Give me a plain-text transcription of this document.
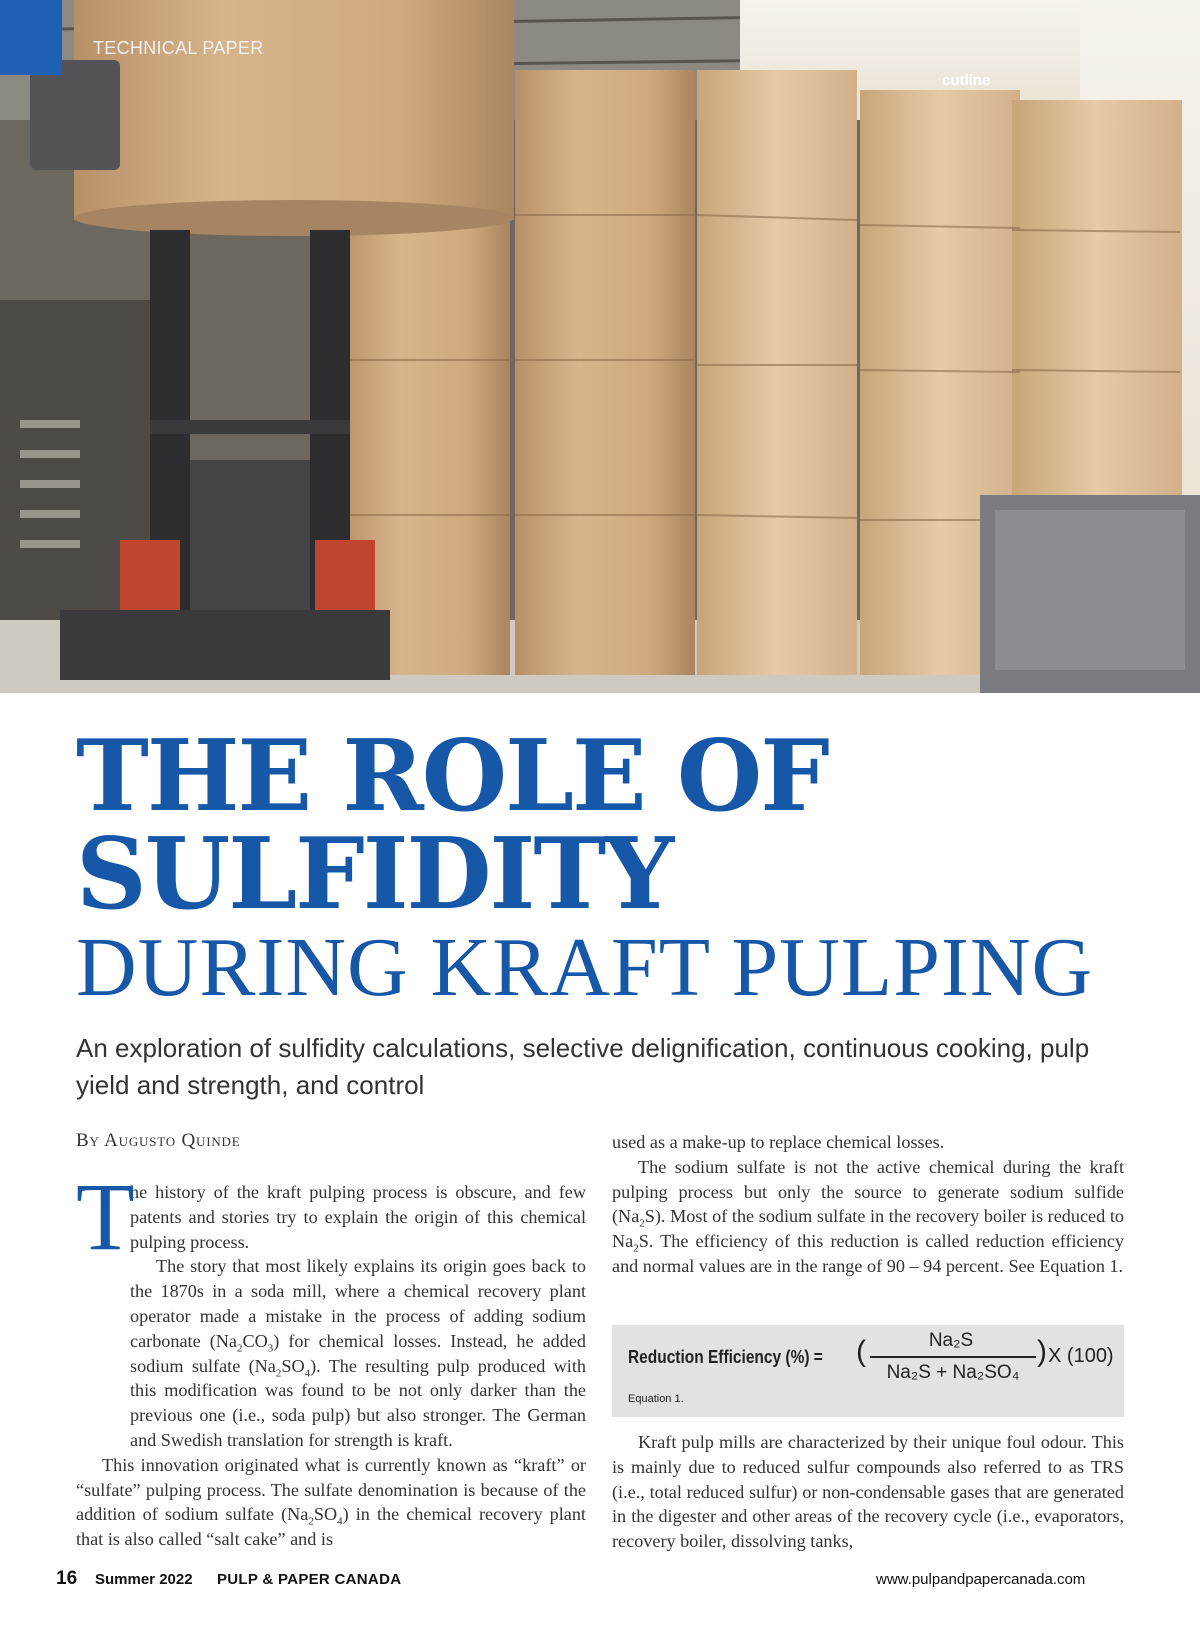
TECHNICAL PAPER
cutline
THE ROLE OF
SULFIDITY
DURING KRAFT PULPING
An exploration of sulfidity calculations, selective delignification, continuous cooking, pulp yield and strength, and control
By Augusto Quinde
T

he history of the kraft pulping process is obscure, and few patents and stories try to explain the origin of this chemical pulping process.

The story that most likely explains its origin goes back to the 1870s in a soda mill, where a chemical recovery plant operator made a mistake in the process of adding sodium carbonate $(Na_2CO_3)$ for chemical losses. Instead, he added sodium sulfate $(Na_2SO_4)$. The resulting pulp produced with this modification was found to be not only darker than the previous one (i.e., soda pulp) but also stronger. The German and Swedish translation for strength is kraft.

This innovation originated what is currently known as “kraft” or “sulfate” pulping process. The sulfate denomination is because of the addition of sodium sulfate $(Na_2SO_4)$ in the chemical recovery plant that is also called “salt cake” and is

used as a make-up to replace chemical losses.

The sodium sulfate is not the active chemical during the kraft pulping process but only the source to generate sodium sulfide $(Na_2S)$. Most of the sodium sulfate in the recovery boiler is reduced to $Na_2S$. The efficiency of this reduction is called reduction efficiency and normal values are in the range of 90 – 94 percent. See Equation 1.

Reduction Efficiency (%) = (	Na₂S
Na₂S + Na₂SO₄
) X (100)
Equation 1.

Kraft pulp mills are characterized by their unique foul odour. This is mainly due to reduced sulfur compounds also referred to as TRS (i.e., total reduced sulfur) or non-condensable gases that are generated in the digester and other areas of the recovery cycle (i.e., evaporators, recovery boiler, dissolving tanks,

16 Summer 2022 PULP & PAPER CANADA	www.pulpandpapercanada.com
